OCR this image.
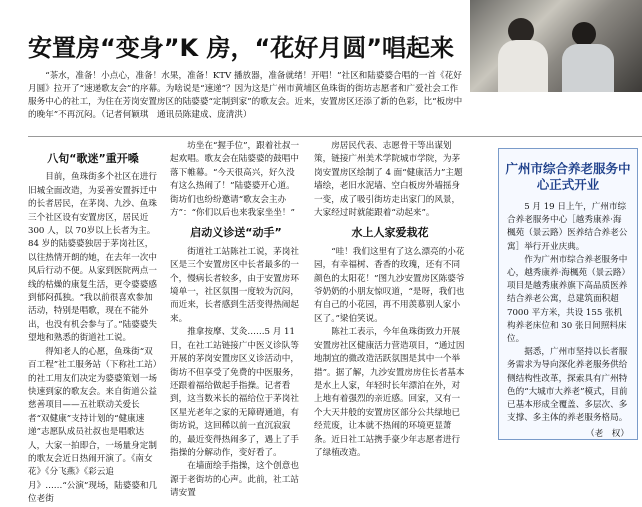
安置房“变身”K 房，“花好月圆”唱起来
“茶水，准备！小点心，准备！水果，准备！KTV 播放器，准备就绪！开唱！”社区和陆婆婆合唱的一首《花好月圆》拉开了“速递歌友会”的序幕。为啥说是“速递”？因为这是广州市黄埔区鱼珠街的街坊志愿者和广爱社会工作服务中心的社工，为住在芳岗安置房区的陆婆婆“定制到家”的歌友会。近来，安置房区还添了新的色彩，比“板房中的晚年”不再沉闷。（记者何颖琪　通讯员陈建成、庞清洪）
八旬“歌迷”重开嗓

目前，鱼珠街多个社区在进行旧城全面改造，为妥善安置拆迁中的长者居民，在茅岗、九沙、鱼珠三个社区设有安置房区，居民近 300 人，以 70岁以上长者为主。84 岁的陆婆婆独居于茅岗社区，以往热情开朗的她，在去年一次中风后行动不便。从家到医院两点一线的枯燥的康复生活，更令婆婆感到郁闷孤独。“我以前很喜欢参加活动，特别是唱歌，现在不能外出，也没有机会参与了。”陆婆婆失望地和熟悉的街道社工说。

得知老人的心愿，鱼珠街“双百工程”社工服务站（下称社工站）的社工用友们决定为婆婆策划一场快速到家的歌友会。来自街道公益慈善项目——五社联动关爱长者“双健康”支持计划的“健康速递”志愿队成员社叔也是唱歌达人，大家一拍即合，一场量身定制的歌友会近日热闹开演了。《南女花》《分飞燕》《彩云追月》……“公演”现场，陆婆婆和几位老街

坊坐在“握手位”，跟着社叔一起欢唱。歌友会在陆婆婆的鼓唱中落下帷幕。“今天很高兴，好久没有这么热闹了！”陆婆婆开心道。街坊们也纷纷邀请“歌友会主办方”：“你们以后也来我家坐坐！”

启动义诊送“动手”

街道社工站陈社工说，茅岗社区是三个安置房区中长者最多的一个，慢病长者较多，由于安置房环境单一，社区氛围一度较为沉闷，而近来，长者感到生活变得热闹起来。

推拿按摩、艾灸……5 月 11 日，在社工站链接广中医义诊队等开展的茅岗安置房区义诊活动中，街坊不但享受了免费的中医服务，还跟着福给做起手指操。记者看到，这当数米长的福给位于茅岗社区星光老年之家的无障碍通道，有街坊说，这回稀以前一直沉寂寂的，最近变得热闹多了，遇上了手指操的分解动作，变好看了。

在墙面绘手指操，这个创意也源于老街坊的心声。此前，社工站请安置

房居民代表、志愿骨干等出谋划策，链接广州美术学院城市学院，为茅岗安置房区绘制了 4 面“健康活力”主题墙绘，老旧水泥墙、空白板房外墙摇身一变，成了吸引街坊走出家门的风景，大家经过时就能跟着“动起来”。

水上人家爱栽花

“哇！我们这里有了这么漂亮的小花园，有幸福树、香香的玫瑰，还有不同颜色的太阳花！”图九沙安置房区陈婆爷爷奶奶的小朋友惊叹道，“是呀，我们也有自己的小花园，再不用羡慕别人家小区了。”梁伯笑说。

陈社工表示，今年鱼珠街致力开展安置房社区健康活力营造项目，“通过因地制宜的微改造活跃氛围是其中一个举措”。据了解，九沙安置房房住长者基本是水上人家，年轻时长年漂泊在外，对上地有着强烈的亲近感。回家，又有一个大天井般的安置房区部分公共绿地已经荒废，让本就不热闹的环境更显萧条。近日社工站携手豪少年志愿者进行了绿植改造。

广州市综合养老服务中心正式开业

5 月 19 日上午，广州市综合养老服务中心［越秀康养·海楓苑（景云路）医养结合养老公寓］举行开业庆典。

作为广州市综合养老服务中心，越秀康养·海楓苑（景云路）项目是越秀康养旗下高品质医养结合养老公寓，总建筑面积超 7000 平方米，共设 155 张机构养老床位和 30 张日间照料床位。

据悉，广州市坚持以长者服务需求为导向深化养老服务供给侧结构性改革，探索具有广州特色的“大城市大养老”模式，目前已基本形成全覆盖、多层次、多支撑、多主体的养老服务格局。

（老　权）
